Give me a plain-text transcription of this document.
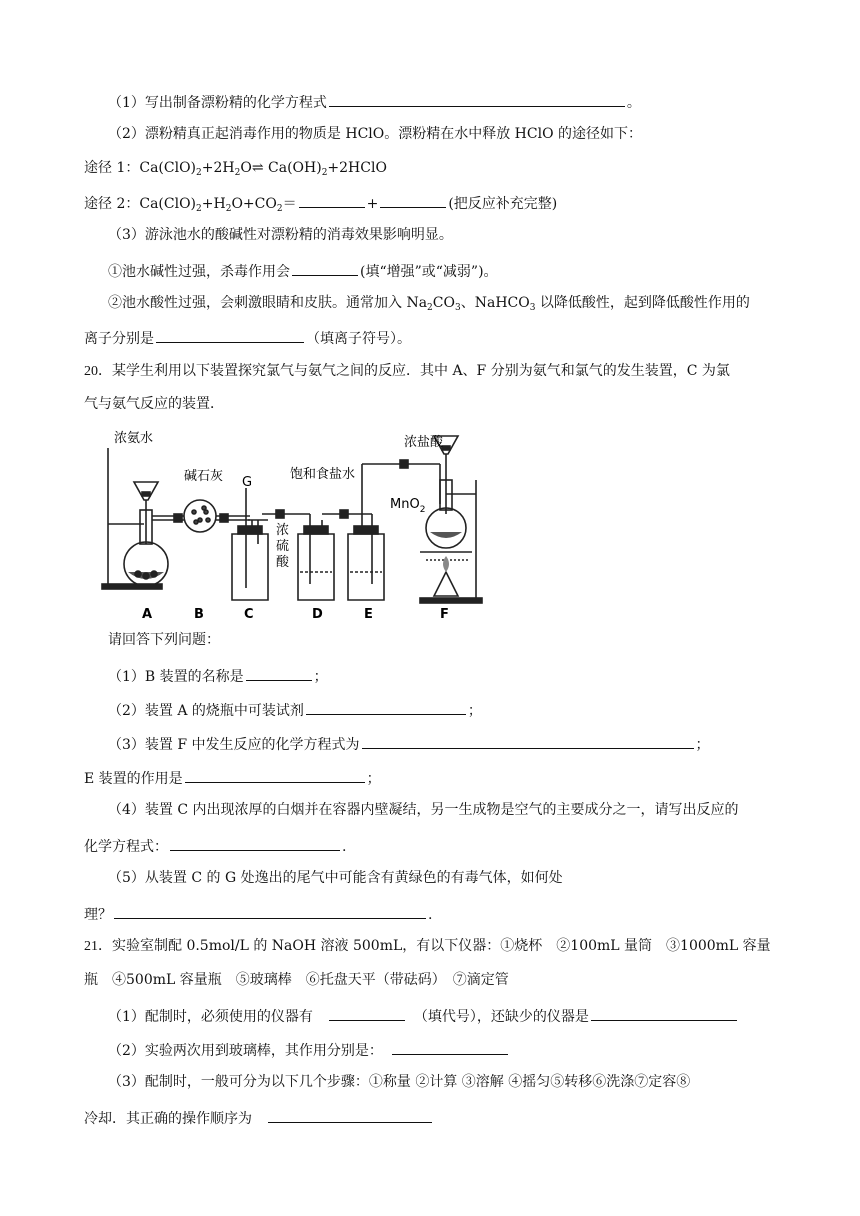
（1）写出制备漂粉精的化学方程式	。
（2）漂粉精真正起消毒作用的物质是 HClO。漂粉精在水中释放 HClO 的途径如下：
途径 1：$Ca(ClO)_2+2H_2O\rightleftharpoons$ $Ca(OH)_2+2HClO$
途径 2：$Ca(ClO)_2+H_2O+CO_2=$	+	(把反应补充完整)
（3）游泳池水的酸碱性对漂粉精的消毒效果影响明显。
①池水碱性过强，杀毒作用会	(填“增强”或“减弱”)。
②池水酸性过强，会刺激眼睛和皮肤。通常加入 $Na_2CO_3$、NaHCO$_3$ 以降低酸性，起到降低酸性作用的
离子分别是	（填离子符号）。
20．某学生利用以下装置探究氯气与氨气之间的反应．其中 A、F 分别为氨气和氯气的发生装置，C 为氯
气与氨气反应的装置．
浓氨水
碱石灰 G
饱和食盐水
浓
硫
酸
浓盐酸
MnO$_2$
A	B	C	D	E	F
请回答下列问题：
（1）B 装置的名称是	；
（2）装置 A 的烧瓶中可装试剂	；
（3）装置 F 中发生反应的化学方程式为	；
E 装置的作用是	；
（4）装置 C 内出现浓厚的白烟并在容器内壁凝结，另一生成物是空气的主要成分之一，请写出反应的
化学方程式：	.
（5）从装置 C 的 G 处逸出的尾气中可能含有黄绿色的有毒气体，如何处
理？	.
21．实验室制配 0.5mol/L 的 NaOH 溶液 500mL，有以下仪器：①烧杯　②100mL 量筒　③1000mL 容量
瓶　④500mL 容量瓶　⑤玻璃棒　⑥托盘天平（带砝码）　⑦滴定管
（1）配制时，必须使用的仪器有　　	（填代号），还缺少的仪器是
（2）实验两次用到玻璃棒，其作用分别是：　
（3）配制时，一般可分为以下几个步骤：①称量 ②计算 ③溶解 ④摇匀⑤转移⑥洗涤⑦定容⑧
冷却．其正确的操作顺序为　
